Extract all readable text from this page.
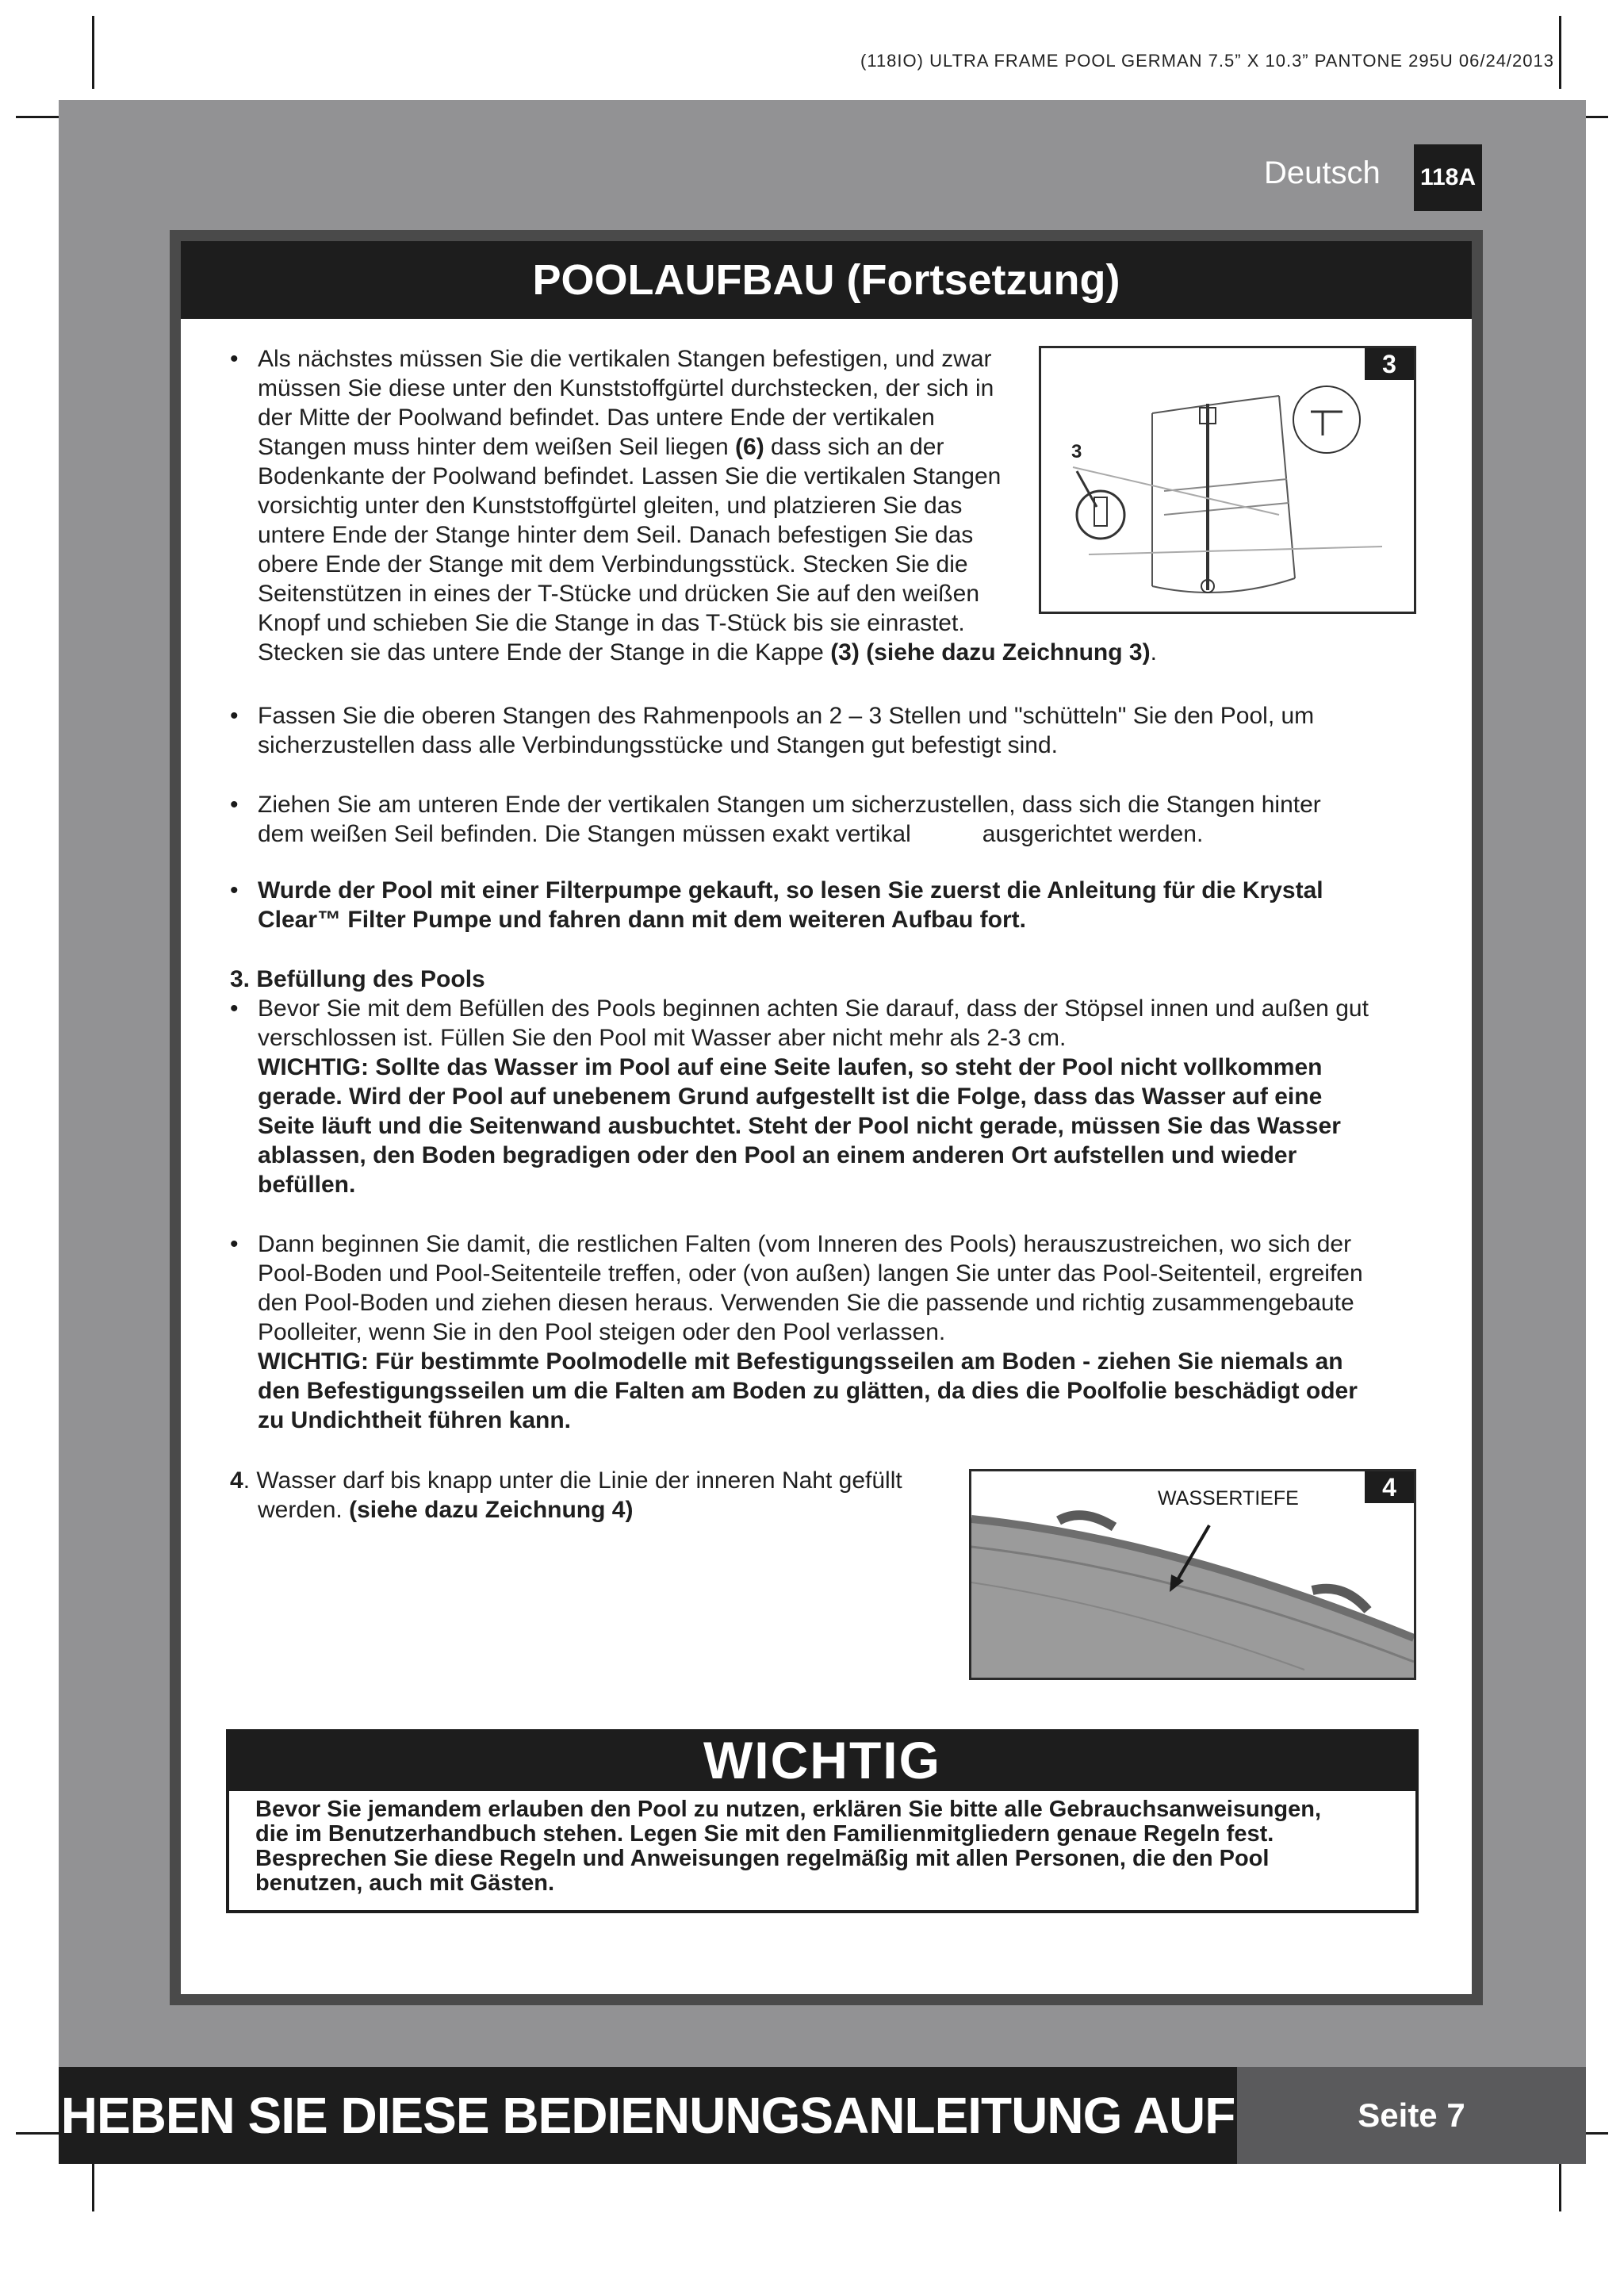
(118IO) ULTRA FRAME POOL GERMAN 7.5” X 10.3” PANTONE 295U 06/24/2013
Deutsch 118A
POOLAUFBAU (Fortsetzung)
• Als nächstes müssen Sie die vertikalen Stangen befestigen, und zwar
müssen Sie diese unter den Kunststoffgürtel durchstecken, der sich in
der Mitte der Poolwand befindet. Das untere Ende der vertikalen
Stangen muss hinter dem weißen Seil liegen (6) dass sich an der
Bodenkante der Poolwand befindet. Lassen Sie die vertikalen Stangen
vorsichtig unter den Kunststoffgürtel gleiten, und platzieren Sie das
untere Ende der Stange hinter dem Seil. Danach befestigen Sie das
obere Ende der Stange mit dem Verbindungsstück. Stecken Sie die
Seitenstützen in eines der T-Stücke und drücken Sie auf den weißen
Knopf und schieben Sie die Stange in das T-Stück bis sie einrastet.
Stecken sie das untere Ende der Stange in die Kappe (3) (siehe dazu Zeichnung 3).
3
3
• Fassen Sie die oberen Stangen des Rahmenpools an 2 – 3 Stellen und "schütteln" Sie den Pool, um
sicherzustellen dass alle Verbindungsstücke und Stangen gut befestigt sind.
• Ziehen Sie am unteren Ende der vertikalen Stangen um sicherzustellen, dass sich die Stangen hinter
dem weißen Seil befinden. Die Stangen müssen exakt vertikal	ausgerichtet werden.
• Wurde der Pool mit einer Filterpumpe gekauft, so lesen Sie zuerst die Anleitung für die Krystal
Clear™ Filter Pumpe und fahren dann mit dem weiteren Aufbau fort.
3. Befüllung des Pools
• Bevor Sie mit dem Befüllen des Pools beginnen achten Sie darauf, dass der Stöpsel innen und außen gut
verschlossen ist. Füllen Sie den Pool mit Wasser aber nicht mehr als 2-3 cm.
WICHTIG: Sollte das Wasser im Pool auf eine Seite laufen, so steht der Pool nicht vollkommen
gerade. Wird der Pool auf unebenem Grund aufgestellt ist die Folge, dass das Wasser auf eine
Seite läuft und die Seitenwand ausbuchtet. Steht der Pool nicht gerade, müssen Sie das Wasser
ablassen, den Boden begradigen oder den Pool an einem anderen Ort aufstellen und wieder
befüllen.
• Dann beginnen Sie damit, die restlichen Falten (vom Inneren des Pools) herauszustreichen, wo sich der
Pool-Boden und Pool-Seitenteile treffen, oder (von außen) langen Sie unter das Pool-Seitenteil, ergreifen
den Pool-Boden und ziehen diesen heraus. Verwenden Sie die passende und richtig zusammengebaute
Poolleiter, wenn Sie in den Pool steigen oder den Pool verlassen.
WICHTIG: Für bestimmte Poolmodelle mit Befestigungsseilen am Boden - ziehen Sie niemals an
den Befestigungsseilen um die Falten am Boden zu glätten, da dies die Poolfolie beschädigt oder
zu Undichtheit führen kann.
4. Wasser darf bis knapp unter die Linie der inneren Naht gefüllt
werden. (siehe dazu Zeichnung 4)	WASSERTIEFE	4
WICHTIG
Bevor Sie jemandem erlauben den Pool zu nutzen, erklären Sie bitte alle Gebrauchsanweisungen,
die im Benutzerhandbuch stehen. Legen Sie mit den Familienmitgliedern genaue Regeln fest.
Besprechen Sie diese Regeln und Anweisungen regelmäßig mit allen Personen, die den Pool
benutzen, auch mit Gästen.
HEBEN SIE DIESE BEDIENUNGSANLEITUNG AUF	Seite 7
